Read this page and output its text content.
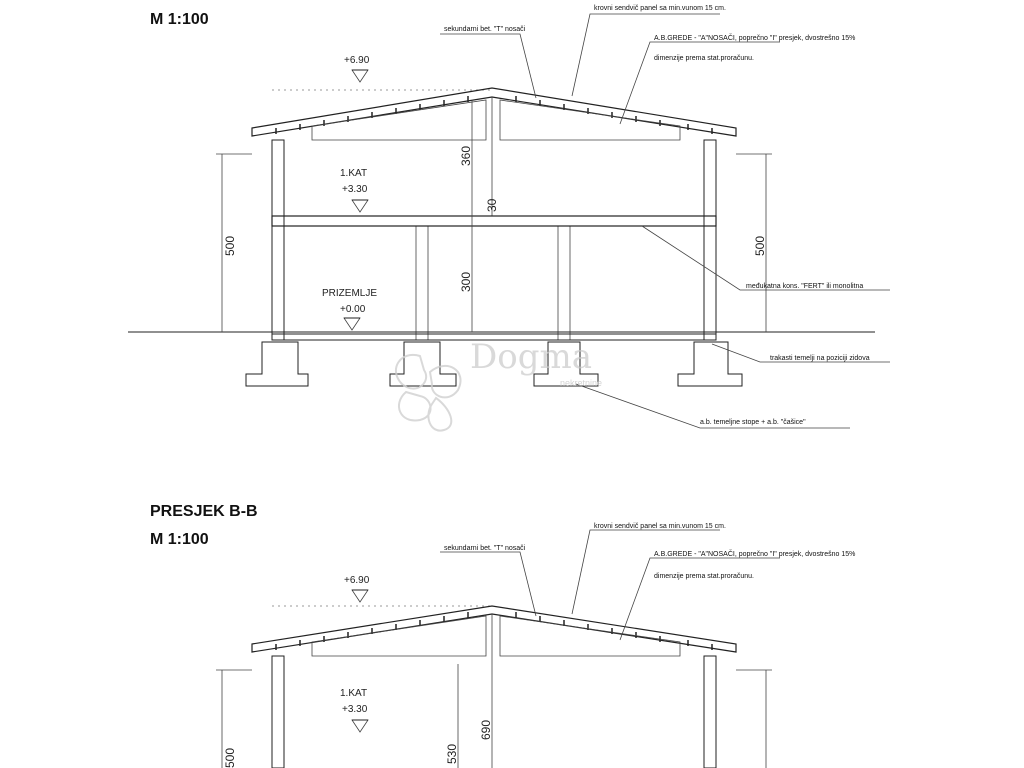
M 1:100
+6.90
1.KAT
+3.30
PRIZEMLJE
+0.00
500	500
360
30
300
krovni sendvič panel sa min.vunom 15 cm.
sekundarni bet. "T" nosači
A.B.GREDE - "A"NOSAČI, poprečno "I" presjek, dvostrešno 15%
dimenzije prema stat.proračunu.
međukatna kons. "FERT" ili monolitna
trakasti temelji na poziciji zidova
a.b. temeljne stope + a.b. "čašice"
Dogma
nekretnine
PRESJEK B-B
M 1:100
+6.90
1.KAT
+3.30
500	530
690
krovni sendvič panel sa min.vunom 15 cm.
sekundarni bet. "T" nosači
A.B.GREDE - "A"NOSAČI, poprečno "I" presjek, dvostrešno 15%
dimenzije prema stat.proračunu.
